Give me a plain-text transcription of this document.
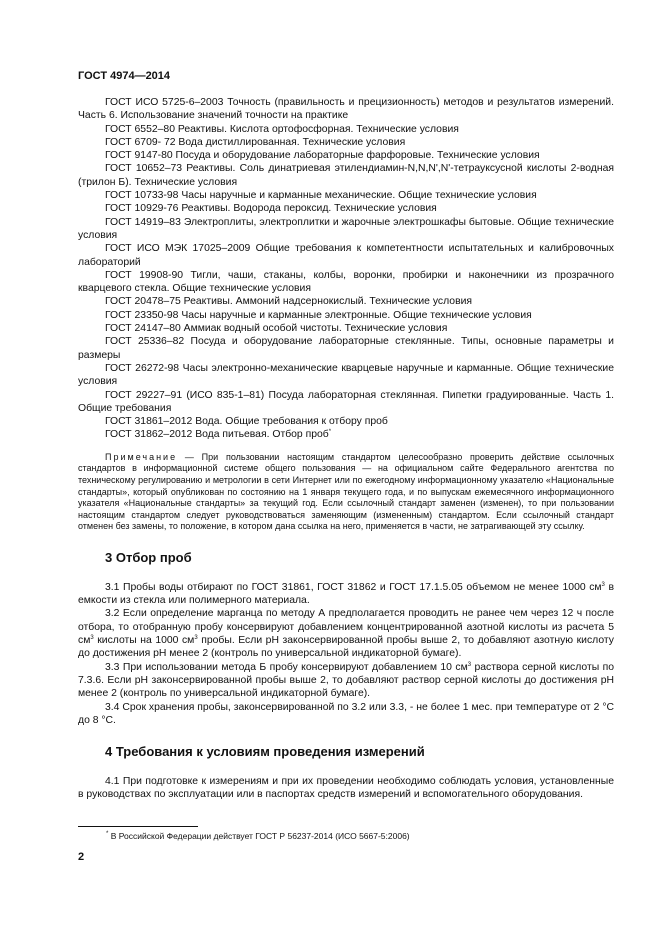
ГОСТ 4974—2014

ГОСТ ИСО 5725-6–2003 Точность (правильность и прецизионность) методов и результатов измерений. Часть 6. Использование значений точности на практике

ГОСТ 6552–80 Реактивы. Кислота ортофосфорная. Технические условия

ГОСТ 6709- 72 Вода дистиллированная. Технические условия

ГОСТ 9147-80 Посуда и оборудование лабораторные фарфоровые. Технические условия

ГОСТ 10652–73 Реактивы. Соль динатриевая этилендиамин-N,N,N',N'-тетрауксусной кислоты 2-водная (трилон Б). Технические условия

ГОСТ 10733-98 Часы наручные и карманные механические. Общие технические условия

ГОСТ 10929-76 Реактивы. Водорода пероксид. Технические условия

ГОСТ 14919–83 Электроплиты, электроплитки и жарочные электрошкафы бытовые. Общие технические условия

ГОСТ ИСО МЭК 17025–2009 Общие требования к компетентности испытательных и калибровочных лабораторий

ГОСТ 19908-90 Тигли, чаши, стаканы, колбы, воронки, пробирки и наконечники из прозрачного кварцевого стекла. Общие технические условия

ГОСТ 20478–75 Реактивы. Аммоний надсернокислый. Технические условия

ГОСТ 23350-98 Часы наручные и карманные электронные. Общие технические условия

ГОСТ 24147–80 Аммиак водный особой чистоты. Технические условия

ГОСТ 25336–82 Посуда и оборудование лабораторные стеклянные. Типы, основные параметры и размеры

ГОСТ 26272-98 Часы электронно-механические кварцевые наручные и карманные. Общие технические условия

ГОСТ 29227–91 (ИСО 835-1–81) Посуда лабораторная стеклянная. Пипетки градуированные. Часть 1. Общие требования

ГОСТ 31861–2012 Вода. Общие требования к отбору проб

ГОСТ 31862–2012 Вода питьевая. Отбор проб*

Примечание — При пользовании настоящим стандартом целесообразно проверить действие ссылочных стандартов в информационной системе общего пользования — на официальном сайте Федерального агентства по техническому регулированию и метрологии в сети Интернет или по ежегодному информационному указателю «Национальные стандарты», который опубликован по состоянию на 1 января текущего года, и по выпускам ежемесячного информационного указателя «Национальные стандарты» за текущий год. Если ссылочный стандарт заменен (изменен), то при пользовании настоящим стандартом следует руководствоваться заменяющим (измененным) стандартом. Если ссылочный стандарт отменен без замены, то положение, в котором дана ссылка на него, применяется в части, не затрагивающей эту ссылку.

3 Отбор проб

3.1 Пробы воды отбирают по ГОСТ 31861, ГОСТ 31862 и ГОСТ 17.1.5.05 объемом не менее 1000 $см^3$ в емкости из стекла или полимерного материала.

3.2 Если определение марганца по методу А предполагается проводить не ранее чем через 12 ч после отбора, то отобранную пробу консервируют добавлением концентрированной азотной кислоты из расчета 5 $см^3$ кислоты на 1000 $см^3$ пробы. Если рН законсервированной пробы выше 2, то добавляют азотную кислоту до достижения рН менее 2 (контроль по универсальной индикаторной бумаге).

3.3 При использовании метода Б пробу консервируют добавлением 10 $см^3$ раствора серной кислоты по 7.3.6. Если рН законсервированной пробы выше 2, то добавляют раствор серной кислоты до достижения рН менее 2 (контроль по универсальной индикаторной бумаге).

3.4 Срок хранения пробы, законсервированной по 3.2 или 3.3, - не более 1 мес. при температуре от 2 °С до 8 °С.

4 Требования к условиям проведения измерений

4.1 При подготовке к измерениям и при их проведении необходимо соблюдать условия, установленные в руководствах по эксплуатации или в паспортах средств измерений и вспомогательного оборудования.

* В Российской Федерации действует ГОСТ Р 56237-2014 (ИСО 5667-5:2006)
2
